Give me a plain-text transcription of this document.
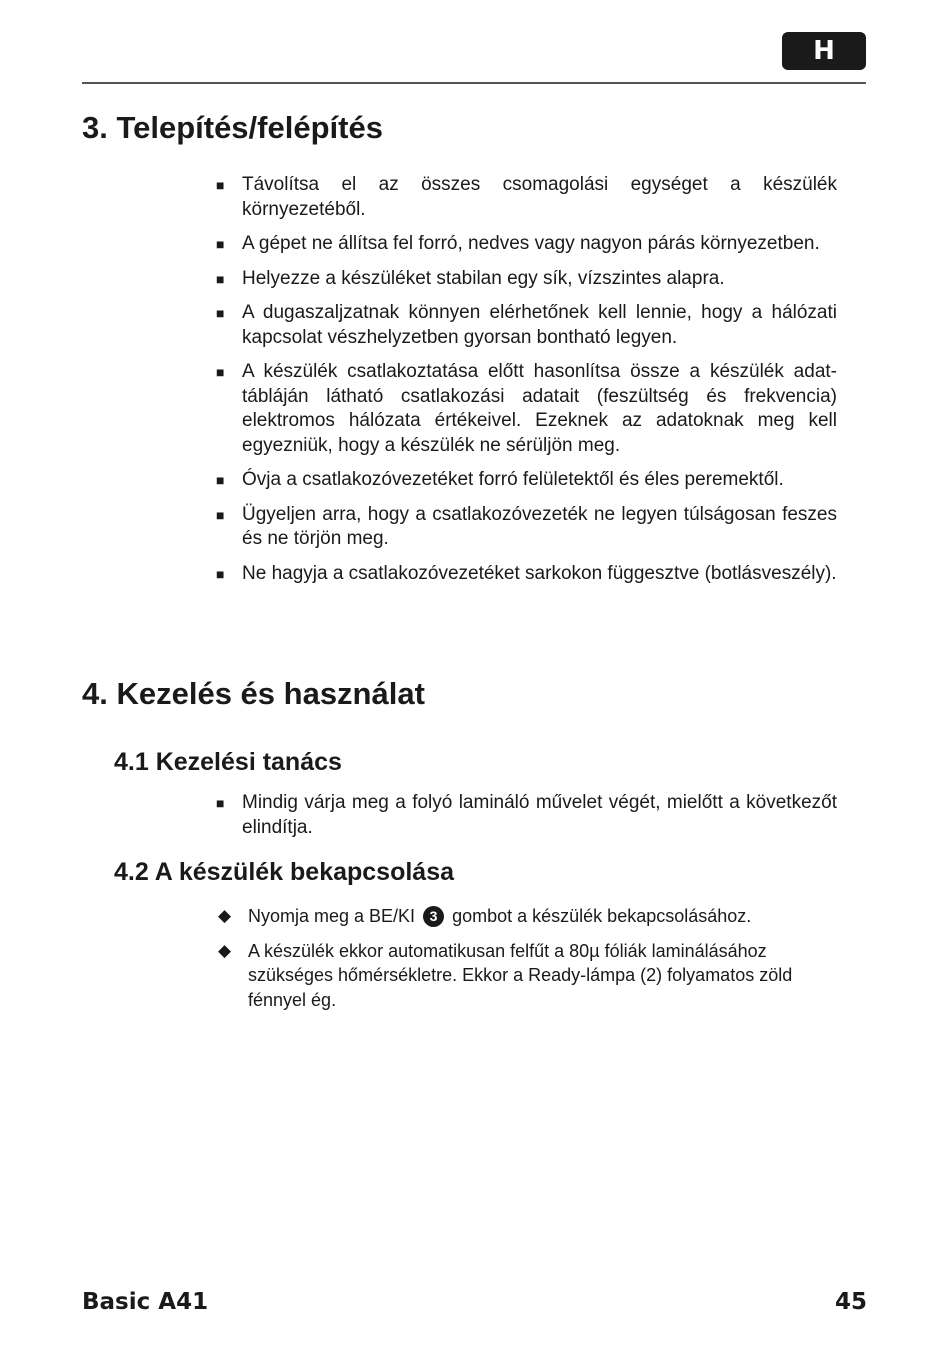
H
3. Telepítés/felépítés
■ Távolítsa el az összes csomagolási egységet a készülék környezetéből.
■ A gépet ne állítsa fel forró, nedves vagy nagyon párás környezetben.
■ Helyezze a készüléket stabilan egy sík, vízszintes alapra.
■ A dugaszaljzatnak könnyen elérhetőnek kell lennie, hogy a hálózati kapcsolat vészhelyzetben gyorsan bontható legyen.
■ A készülék csatlakoztatása előtt hasonlítsa össze a készülék adattábláján látható csatlakozási adatait (feszültség és frekvencia) elektromos hálózata értékeivel. Ezeknek az adatoknak meg kell egyezniük, hogy a készülék ne sérüljön meg.
■ Óvja a csatlakozóvezetéket forró felületektől és éles peremektől.
■ Ügyeljen arra, hogy a csatlakozóvezeték ne legyen túlságosan feszes és ne törjön meg.
■ Ne hagyja a csatlakozóvezetéket sarkokon függesztve (botlásveszély).
4. Kezelés és használat
4.1 Kezelési tanács
■ Mindig várja meg a folyó lamináló művelet végét, mielőtt a következőt elindítja.
4.2 A készülék bekapcsolása
◆ Nyomja meg a BE/KI 3 gombot a készülék bekapcsolásához.
◆ A készülék ekkor automatikusan felfűt a 80µ fóliák laminálásához szükséges hőmérsékletre. Ekkor a Ready-lámpa (2) folyamatos zöld fénnyel ég.
Basic A41	45
